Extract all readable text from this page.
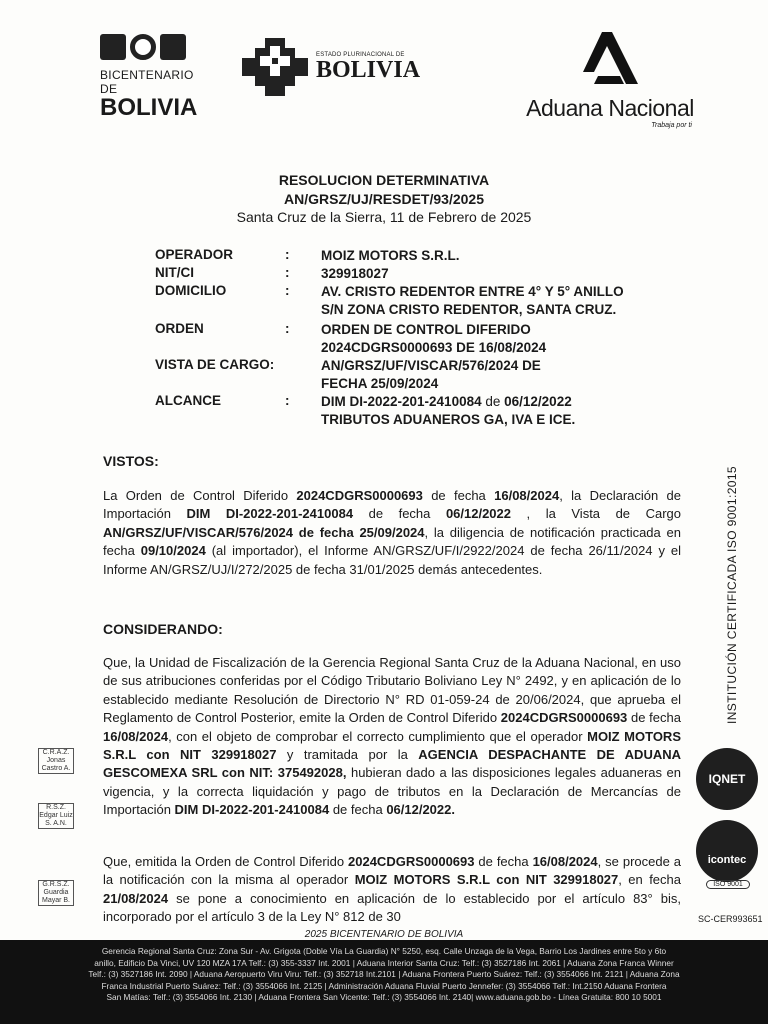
BICENTENARIO DE
BOLIVIA
ESTADO PLURINACIONAL DE
BOLIVIA
Aduana Nacional
Trabaja por ti
RESOLUCION DETERMINATIVA
AN/GRSZ/UJ/RESDET/93/2025
Santa Cruz de la Sierra, 11 de Febrero de 2025
OPERADOR	: MOIZ MOTORS S.R.L.
NIT/CI	: 329918027
DOMICILIO	: AV. CRISTO REDENTOR ENTRE 4° Y 5° ANILLO
S/N ZONA CRISTO REDENTOR, SANTA CRUZ.
ORDEN	: ORDEN DE CONTROL DIFERIDO
2024CDGRS0000693 DE 16/08/2024
VISTA DE CARGO:	AN/GRSZ/UF/VISCAR/576/2024 DE
FECHA 25/09/2024
ALCANCE	: DIM DI-2022-201-2410084 de 06/12/2022
TRIBUTOS ADUANEROS GA, IVA E ICE.
VISTOS:
La Orden de Control Diferido 2024CDGRS0000693 de fecha 16/08/2024, la Declaración de Importación DIM DI-2022-201-2410084 de fecha 06/12/2022 , la Vista de Cargo AN/GRSZ/UF/VISCAR/576/2024 de fecha 25/09/2024, la diligencia de notificación practicada en fecha 09/10/2024 (al importador), el Informe AN/GRSZ/UF/I/2922/2024 de fecha 26/11/2024 y el Informe AN/GRSZ/UJ/I/272/2025 de fecha 31/01/2025 demás antecedentes.
CONSIDERANDO:
Que, la Unidad de Fiscalización de la Gerencia Regional Santa Cruz de la Aduana Nacional, en uso de sus atribuciones conferidas por el Código Tributario Boliviano Ley N° 2492, y en aplicación de lo establecido mediante Resolución de Directorio N° RD 01-059-24 de 20/06/2024, que aprueba el Reglamento de Control Posterior, emite la Orden de Control Diferido 2024CDGRS0000693 de fecha 16/08/2024, con el objeto de comprobar el correcto cumplimiento que el operador MOIZ MOTORS S.R.L con NIT 329918027 y tramitada por la AGENCIA DESPACHANTE DE ADUANA GESCOMEXA SRL con NIT: 375492028, hubieran dado a las disposiciones legales aduaneras en vigencia, y la correcta liquidación y pago de tributos en la Declaración de Mercancías de Importación DIM DI-2022-201-2410084 de fecha 06/12/2022.
Que, emitida la Orden de Control Diferido 2024CDGRS0000693 de fecha 16/08/2024, se procede a la notificación con la misma al operador MOIZ MOTORS S.R.L con NIT 329918027, en fecha 21/08/2024 se pone a conocimiento en aplicación de lo establecido por el artículo 83° bis, incorporado por el artículo 3 de la Ley N° 812 de 30
INSTITUCIÓN CERTIFICADA ISO 9001:2015
IQNET
icontec
ISO 9001
SC-CER993651
C.R.A.Z. Jonas Castro A.
R.S.Z. Edgar Luiz S. A.N.
G.R.S.Z. Guardia Mayar B.
2025 BICENTENARIO DE BOLIVIA
Gerencia Regional Santa Cruz: Zona Sur - Av. Grigota (Doble Vía La Guardia) N° 5250, esq. Calle Unzaga de la Vega, Barrio Los Jardines entre 5to y 6to
anillo, Edificio Da Vinci, UV 120 MZA 17A Telf.: (3) 355-3337 Int. 2001 | Aduana Interior Santa Cruz: Telf.: (3) 3527186 Int. 2061 | Aduana Zona Franca Winner
Telf.: (3) 3527186 Int. 2090 | Aduana Aeropuerto Viru Viru: Telf.: (3) 352718 Int.2101 | Aduana Frontera Puerto Suárez: Telf.: (3) 3554066 Int. 2121 | Aduana Zona
Franca Industrial Puerto Suárez: Telf.: (3) 3554066 Int. 2125 | Administración Aduana Fluvial Puerto Jennefer: (3) 3554066 Telf.: Int.2150 Aduana Frontera
San Matías: Telf.: (3) 3554066 Int. 2130 | Aduana Frontera San Vicente: Telf.: (3) 3554066 Int. 2140| www.aduana.gob.bo - Línea Gratuita: 800 10 5001
